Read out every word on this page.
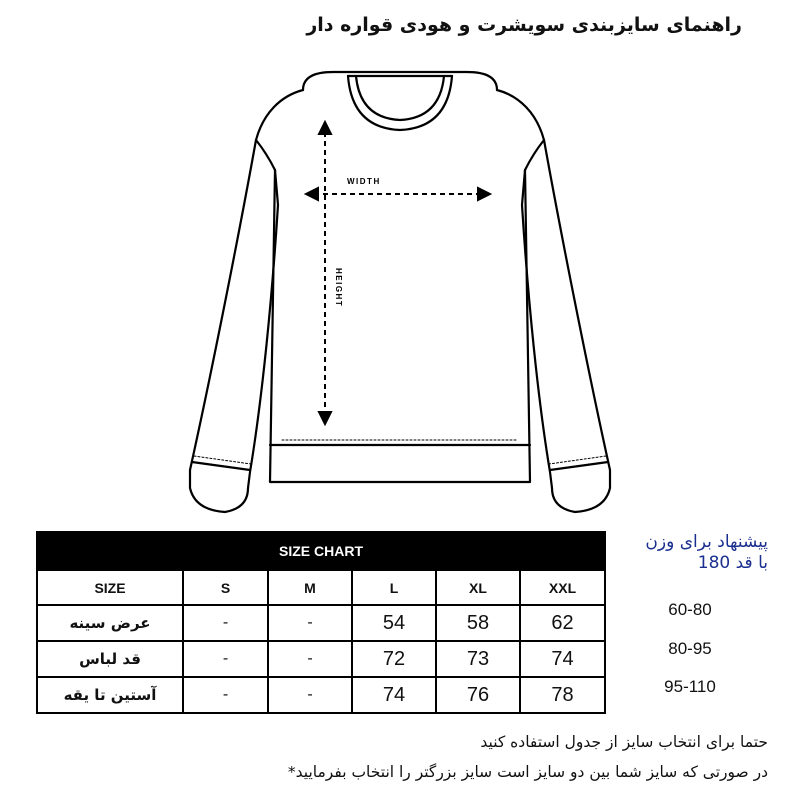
راهنمای سایزبندی سویشرت و هودی قواره دار
WIDTH
HEIGHT
SIZE CHART					
SIZE	S	M	L	XL	XXL
عرض سینه	-	-	54	58	62
قد لباس	-	-	72	73	74
آستین تا یقه	-	-	74	76	78
پیشنهاد برای وزن
با قد 180
60-80
80-95
95-110
حتما برای انتخاب سایز از جدول استفاده کنید
در صورتی که سایز شما بین دو سایز است سایز بزرگتر را انتخاب بفرمایید*
